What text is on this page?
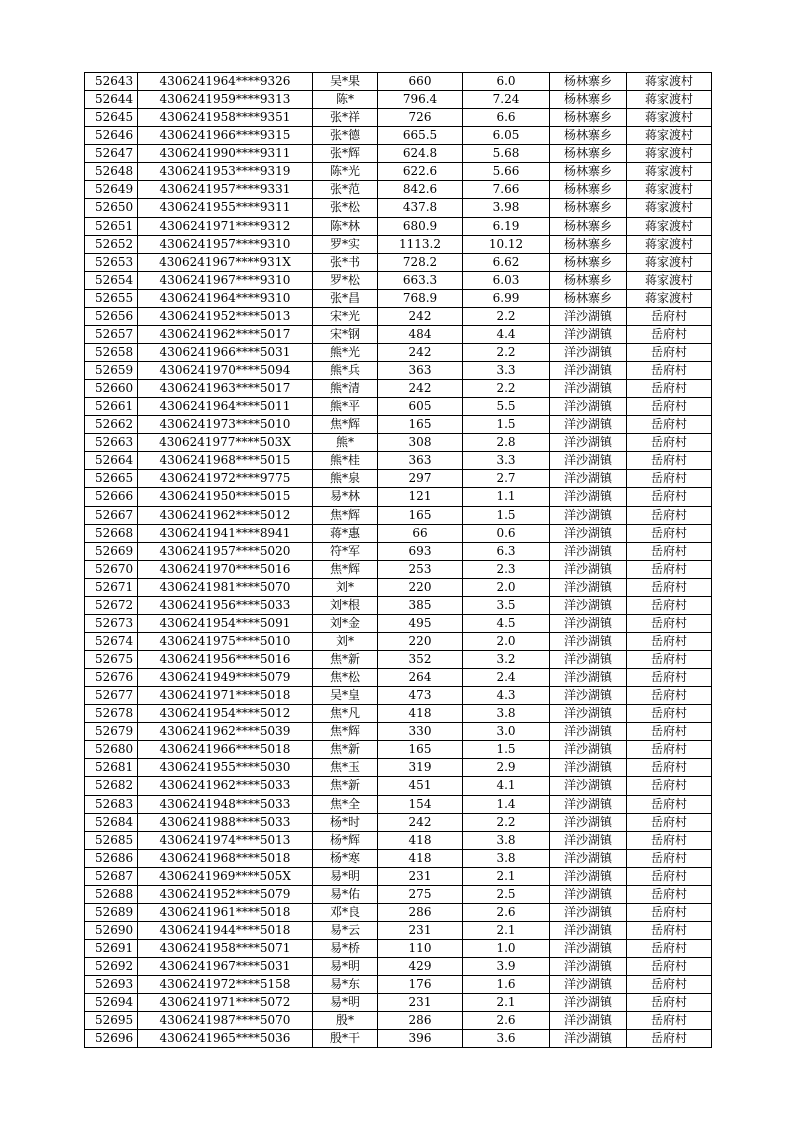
52643	4306241964****9326	吴*果	660	6.0	杨林寨乡	蒋家渡村
52644	4306241959****9313	陈*	796.4	7.24	杨林寨乡	蒋家渡村
52645	4306241958****9351	张*祥	726	6.6	杨林寨乡	蒋家渡村
52646	4306241966****9315	张*德	665.5	6.05	杨林寨乡	蒋家渡村
52647	4306241990****9311	张*辉	624.8	5.68	杨林寨乡	蒋家渡村
52648	4306241953****9319	陈*光	622.6	5.66	杨林寨乡	蒋家渡村
52649	4306241957****9331	张*范	842.6	7.66	杨林寨乡	蒋家渡村
52650	4306241955****9311	张*松	437.8	3.98	杨林寨乡	蒋家渡村
52651	4306241971****9312	陈*林	680.9	6.19	杨林寨乡	蒋家渡村
52652	4306241957****9310	罗*实	1113.2	10.12	杨林寨乡	蒋家渡村
52653	4306241967****931X	张*书	728.2	6.62	杨林寨乡	蒋家渡村
52654	4306241967****9310	罗*松	663.3	6.03	杨林寨乡	蒋家渡村
52655	4306241964****9310	张*昌	768.9	6.99	杨林寨乡	蒋家渡村
52656	4306241952****5013	宋*光	242	2.2	洋沙湖镇	岳府村
52657	4306241962****5017	宋*钢	484	4.4	洋沙湖镇	岳府村
52658	4306241966****5031	熊*光	242	2.2	洋沙湖镇	岳府村
52659	4306241970****5094	熊*兵	363	3.3	洋沙湖镇	岳府村
52660	4306241963****5017	熊*清	242	2.2	洋沙湖镇	岳府村
52661	4306241964****5011	熊*平	605	5.5	洋沙湖镇	岳府村
52662	4306241973****5010	焦*辉	165	1.5	洋沙湖镇	岳府村
52663	4306241977****503X	熊*	308	2.8	洋沙湖镇	岳府村
52664	4306241968****5015	熊*桂	363	3.3	洋沙湖镇	岳府村
52665	4306241972****9775	熊*泉	297	2.7	洋沙湖镇	岳府村
52666	4306241950****5015	易*林	121	1.1	洋沙湖镇	岳府村
52667	4306241962****5012	焦*辉	165	1.5	洋沙湖镇	岳府村
52668	4306241941****8941	蒋*惠	66	0.6	洋沙湖镇	岳府村
52669	4306241957****5020	符*军	693	6.3	洋沙湖镇	岳府村
52670	4306241970****5016	焦*辉	253	2.3	洋沙湖镇	岳府村
52671	4306241981****5070	刘*	220	2.0	洋沙湖镇	岳府村
52672	4306241956****5033	刘*根	385	3.5	洋沙湖镇	岳府村
52673	4306241954****5091	刘*金	495	4.5	洋沙湖镇	岳府村
52674	4306241975****5010	刘*	220	2.0	洋沙湖镇	岳府村
52675	4306241956****5016	焦*新	352	3.2	洋沙湖镇	岳府村
52676	4306241949****5079	焦*松	264	2.4	洋沙湖镇	岳府村
52677	4306241971****5018	吴*皇	473	4.3	洋沙湖镇	岳府村
52678	4306241954****5012	焦*凡	418	3.8	洋沙湖镇	岳府村
52679	4306241962****5039	焦*辉	330	3.0	洋沙湖镇	岳府村
52680	4306241966****5018	焦*新	165	1.5	洋沙湖镇	岳府村
52681	4306241955****5030	焦*玉	319	2.9	洋沙湖镇	岳府村
52682	4306241962****5033	焦*新	451	4.1	洋沙湖镇	岳府村
52683	4306241948****5033	焦*全	154	1.4	洋沙湖镇	岳府村
52684	4306241988****5033	杨*时	242	2.2	洋沙湖镇	岳府村
52685	4306241974****5013	杨*辉	418	3.8	洋沙湖镇	岳府村
52686	4306241968****5018	杨*寒	418	3.8	洋沙湖镇	岳府村
52687	4306241969****505X	易*明	231	2.1	洋沙湖镇	岳府村
52688	4306241952****5079	易*佑	275	2.5	洋沙湖镇	岳府村
52689	4306241961****5018	邓*良	286	2.6	洋沙湖镇	岳府村
52690	4306241944****5018	易*云	231	2.1	洋沙湖镇	岳府村
52691	4306241958****5071	易*桥	110	1.0	洋沙湖镇	岳府村
52692	4306241967****5031	易*明	429	3.9	洋沙湖镇	岳府村
52693	4306241972****5158	易*东	176	1.6	洋沙湖镇	岳府村
52694	4306241971****5072	易*明	231	2.1	洋沙湖镇	岳府村
52695	4306241987****5070	殷*	286	2.6	洋沙湖镇	岳府村
52696	4306241965****5036	殷*干	396	3.6	洋沙湖镇	岳府村
